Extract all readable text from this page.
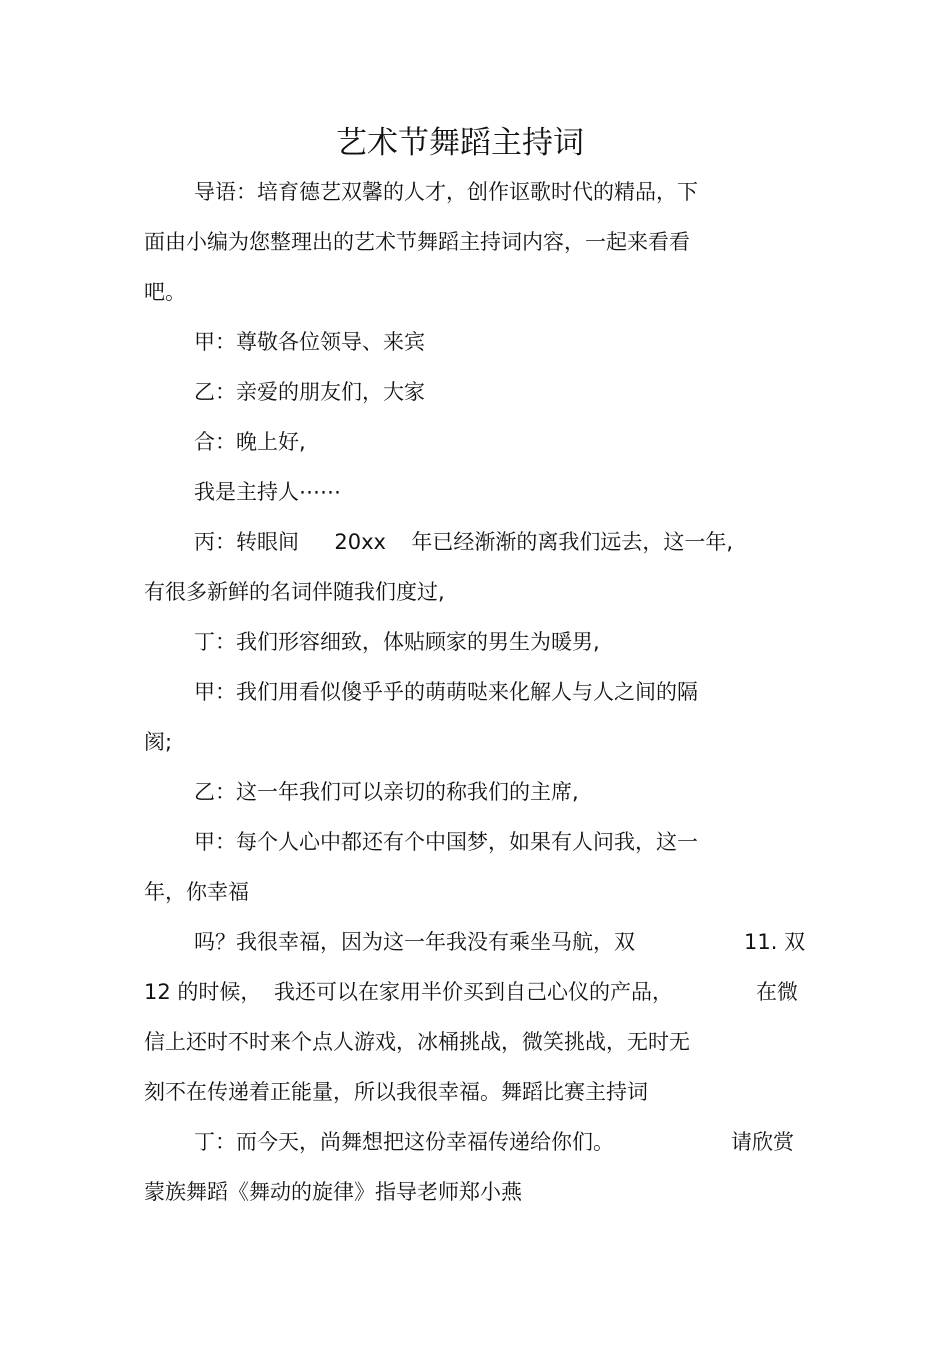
艺术节舞蹈主持词
导语：培育德艺双馨的人才，创作讴歌时代的精品，下
面由小编为您整理出的艺术节舞蹈主持词内容，一起来看看
吧。
甲：尊敬各位领导、来宾
乙：亲爱的朋友们，大家
合：晚上好,
我是主持人⋯⋯
丙：转眼间 20xx 年已经渐渐的离我们远去，这一年,
有很多新鲜的名词伴随我们度过,
丁：我们形容细致，体贴顾家的男生为暖男,
甲：我们用看似傻乎乎的萌萌哒来化解人与人之间的隔
阂;
乙：这一年我们可以亲切的称我们的主席,
甲：每个人心中都还有个中国梦，如果有人问我，这一
年，你幸福
吗？我很幸福，因为这一年我没有乘坐马航，双	11. 双
12 的时候， 我还可以在家用半价买到自己心仪的产品，	在微
信上还时不时来个点人游戏，冰桶挑战，微笑挑战，无时无
刻不在传递着正能量，所以我很幸福。舞蹈比赛主持词
丁：而今天，尚舞想把这份幸福传递给你们。	请欣赏
蒙族舞蹈《舞动的旋律》指导老师郑小燕
